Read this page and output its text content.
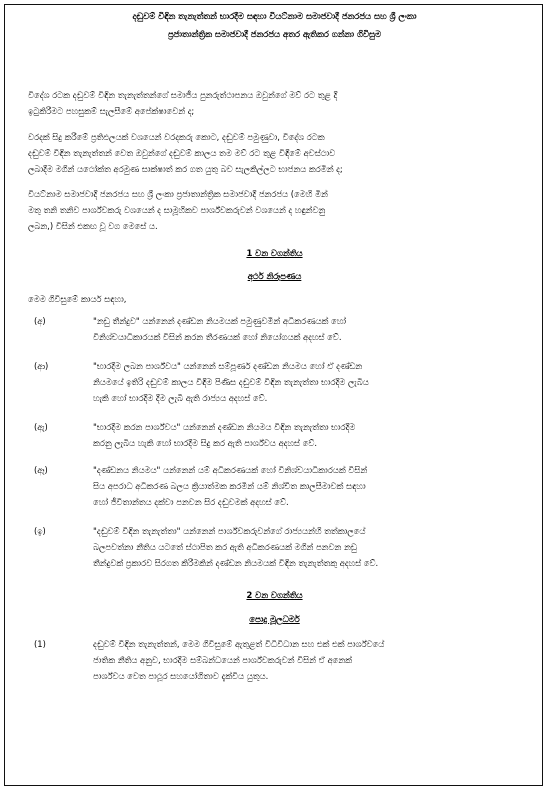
දඬුවම් විඳින තැනැත්තන් භාරදීම සඳහා වියට්නාම සමාජවාදී ජනරජය සහ ශ්‍රී ලංකා
ප්‍රජාතාන්ත්‍රික සමාජවාදී ජනරජය අතර ඇතිකර ගන්නා ගිවිසුම
විදේශ රටක දඬුවම් විඳින තැනැත්තන්ගේ සමාජීය පුනරුත්ථාපනය ඔවුන්ගේ මව් රට තුළ දී
ඉටුකිරීමට පහසුකම් සැලසීමේ අපේක්ෂාවෙන් ද;
වරදක් සිදු කරීමේ ප්‍රතිඵලයක් වශයෙන් වරදකරු කොට, දඬුවම් පමුණුවා, විදේශ රටක
දඬුවම් විඳින තැනැත්තන් වෙත ඔවුන්ගේ දඬුවම් කාලය තම මව් රට තුළ විඳීමේ අවස්ථාව
ලබාදීම මගින් යථෝක්ත අරමුණ සාක්ෂාත් කර ගත යුතු බව සැලකිල්ලට භාජනය කරමින් ද;
වියට්නාම සමාජවාදී ජනරජය සහ ශ්‍රී ලංකා ප්‍රජාතාන්ත්‍රික සමාජවාදී ජනරජය (මෙහි මින්
මතු තනි තනිව පාර්ශ්වකරු වශයෙන් ද සාමූහිකව පාර්ශ්වකරුවන් වශයෙන් ද හඳුන්වනු
ලබන,) විසින් එකඟ වූ වග මෙසේ ය.
1 වන වගන්තිය
අර්ථ නිරූපණය
මෙම ගිවිසුමේ කාර්ය සඳහා,
(අ)	"නඩු තීන්දුව" යන්නෙන් දණ්ඩන නියමයක් පමුණුවමින් අධිකරණයක් හෝ
විනිශ්චයාධිකාරයක් විසින් කරන තීරණයක් හෝ නියෝගයක් අදහස් වේ.
(ආ)	"භාරදීම ලබන පාර්ශ්වය" යන්නෙන් සම්පූර්ණ දණ්ඩන නියමය හෝ ඒ දණ්ඩන
නියමයේ ඉතිරි දඬුවම් කාලය විඳීම පිණිස දඬුවම් විඳින තැනැත්තා භාරදීම ලැබිය
හැකි හෝ භාරදීම දීම ලැබී ඇති රාජ්‍යය අදහස් වේ.
(ඇ)	"භාරදීම කරන පාර්ශ්වය" යන්නෙන් දණ්ඩන නියමය විඳින තැනැත්තා භාරදීම
කරනු ලැබිය හැකි හෝ භාරදීම සිදු කර ඇති පාර්ශ්වය අදහස් වේ.
(ඈ)	"දණ්ඩනය නියමය" යන්නෙන් යම් අධිකරණයක් හෝ විනිශ්චයාධිකාරයක් විසින්
සිය අපරාධ අධිකරණ බලය ක්‍රියාත්මක කරමින් යම් නිශ්චිත කාලසීමාවක් සඳහා
හෝ ජීවිතාන්තය දක්වා පනවන සිර දඬුවමක් අදහස් වේ.
(ඉ)	"දඬුවම් විඳින තැනැත්තා" යන්නෙන් පාර්ශ්වකරුවන්ගේ රාජ්‍යයන්හි තත්කාලයේ
බලපවත්නා නීතිය යටතේ ස්ථාපිත කර ඇති අධිකරණයක් මගින් පනවන නඩු
තීන්දුවක් ප්‍රකාරව සිරගත කිරීමකින් දණ්ඩන නියමයක් විඳින තැනැත්තකු අදහස් වේ.
2 වන වගන්තිය
පොදු මූලධර්ම
(1)	දඬුවම් විඳින තැනැත්තන්, මෙම ගිවිසුමේ ඇතුළත් විධිවිධාන සහ එක් එක් පාර්ශ්වයේ
ජාතික නීතිය අනුව, භාරදීම සම්බන්ධයෙන් පාර්ශ්වකරුවන් විසින් ඒ අනෙක්
පාර්ශ්වය වෙත පාථූර සහයෝගිතාව දැක්විය යුතුය.
